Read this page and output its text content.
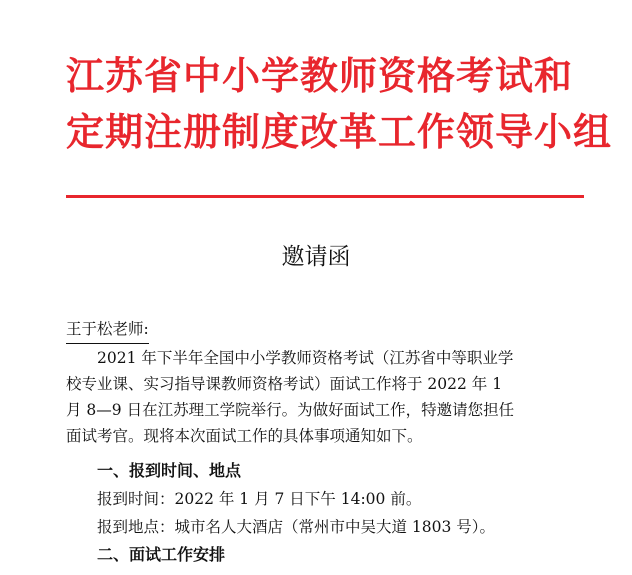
江苏省中小学教师资格考试和
定期注册制度改革工作领导小组
邀请函
王于松老师:
2021 年下半年全国中小学教师资格考试（江苏省中等职业学
校专业课、实习指导课教师资格考试）面试工作将于 2022 年 1
月 8—9 日在江苏理工学院举行。为做好面试工作，特邀请您担任
面试考官。现将本次面试工作的具体事项通知如下。
一、报到时间、地点
报到时间：2022 年 1 月 7 日下午 14:00 前。
报到地点：城市名人大酒店（常州市中吴大道 1803 号）。
二、面试工作安排
